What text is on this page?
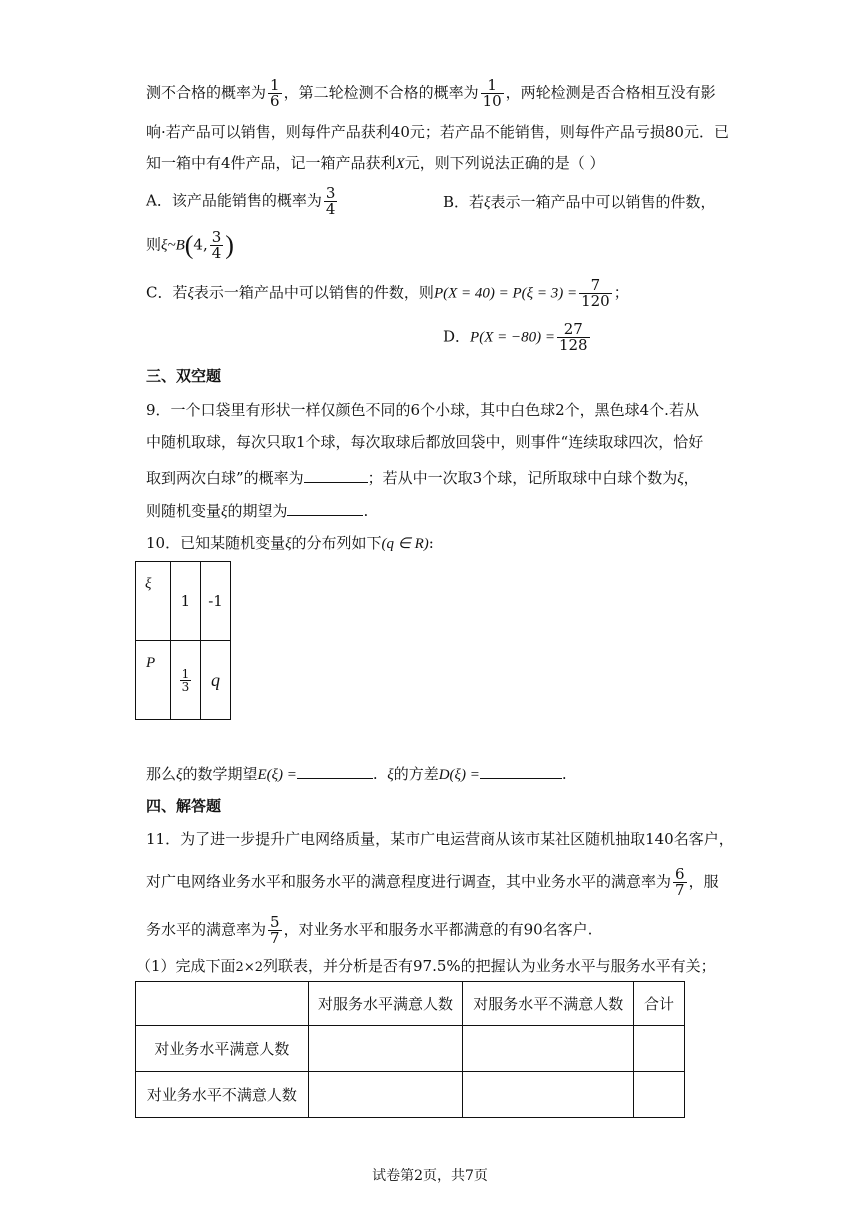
测不合格的概率为 $\frac{1}{6}$ ，第二轮检测不合格的概率为 $\frac{1}{10}$ ，两轮检测是否合格相互没有影
响·若产品可以销售，则每件产品获利40元；若产品不能销售，则每件产品亏损80元．已
知一箱中有4件产品，记一箱产品获利X元，则下列说法正确的是（ ）
A．该产品能销售的概率为 $\frac{3}{4}$	B．若ξ表示一箱产品中可以销售的件数，
则ξ~B(4, $\frac{3}{4}$ )
C．若ξ表示一箱产品中可以销售的件数，则$P(X = 40) = P(\xi = 3) = \frac{7}{120}$ ；
D．$P(X = -80) = \frac{27}{128}$
三、双空题
9．一个口袋里有形状一样仅颜色不同的6个小球，其中白色球2个，黑色球4个.若从
中随机取球，每次只取1个球，每次取球后都放回袋中，则事件“连续取球四次，恰好
取到两次白球”的概率为	；若从中一次取3个球，记所取球中白球个数为ξ，
则随机变量ξ的期望为	.
10．已知某随机变量ξ的分布列如下(q ∈ R):
ξ	1	-1
P	$\frac{1}{3}$	q
那么ξ的数学期望E(ξ) =	. ξ的方差D(ξ) =	.
四、解答题
11．为了进一步提升广电网络质量，某市广电运营商从该市某社区随机抽取140名客户，
对广电网络业务水平和服务水平的满意程度进行调查，其中业务水平的满意率为 $\frac{6}{7}$ ，服
务水平的满意率为 $\frac{5}{7}$ ，对业务水平和服务水平都满意的有90名客户.
（1）完成下面2×2列联表，并分析是否有97.5%的把握认为业务水平与服务水平有关；
	对服务水平满意人数	对服务水平不满意人数	合计
对业务水平满意人数			
对业务水平不满意人数			
试卷第2页，共7页
